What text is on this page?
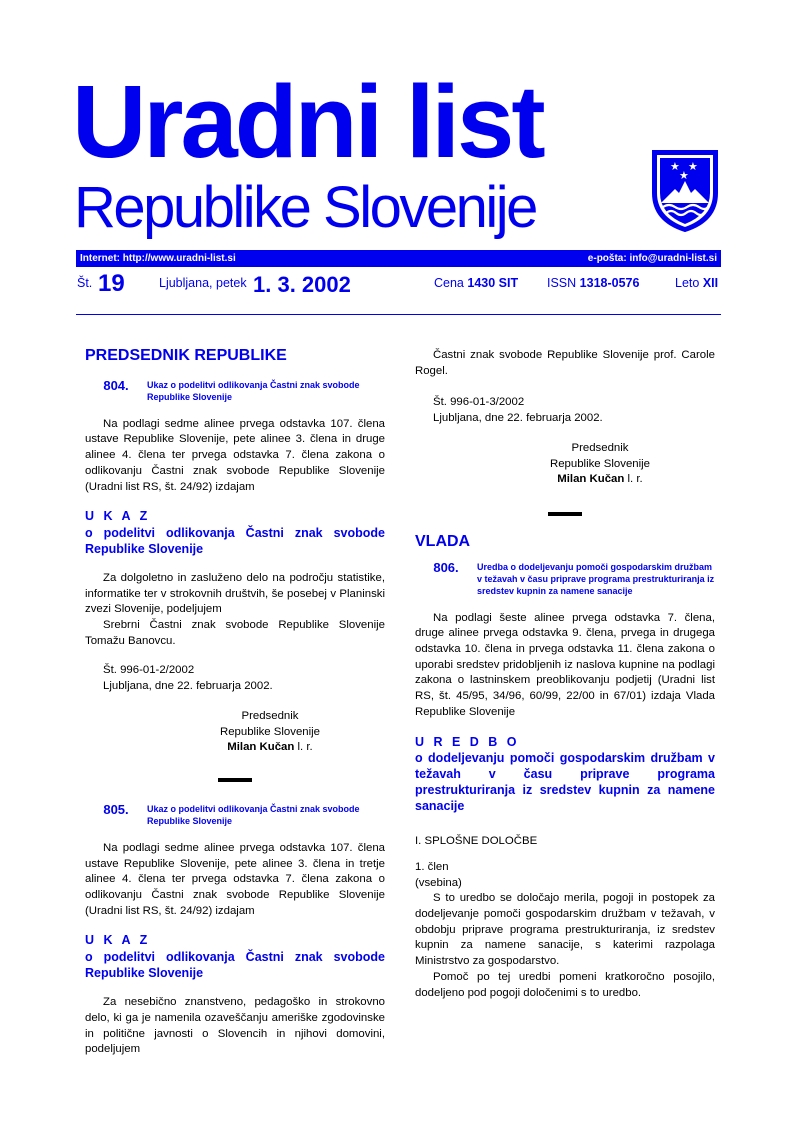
Uradni list
Republike Slovenije
★ ★
★
Internet: http://www.uradni-list.si	e-pošta: info@uradni-list.si
Št. 19	Ljubljana, petek 1. 3. 2002	Cena 1430 SIT ISSN 1318-0576	Leto XII

PREDSEDNIK REPUBLIKE

804.	Ukaz o podelitvi odlikovanja Častni znak svobode Republike Slovenije

Na podlagi sedme alinee prvega odstavka 107. člena ustave Republike Slovenije, pete alinee 3. člena in druge alinee 4. člena ter prvega odstavka 7. člena zakona o odlikovanju Častni znak svobode Republike Slovenije (Uradni list RS, št. 24/92) izdajam

U K A Z

o podelitvi odlikovanja Častni znak svobode Republike Slovenije

Za dolgoletno in zasluženo delo na področju statistike, informatike ter v strokovnih društvih, še posebej v Planinski zvezi Slovenije, podeljujem

Srebrni Častni znak svobode Republike Slovenije Tomažu Banovcu.

Št. 996-01-2/2002

Ljubljana, dne 22. februarja 2002.

Predsednik
Republike Slovenije
Milan Kučan l. r.
805.	Ukaz o podelitvi odlikovanja Častni znak svobode Republike Slovenije

Na podlagi sedme alinee prvega odstavka 107. člena ustave Republike Slovenije, pete alinee 3. člena in tretje alinee 4. člena ter prvega odstavka 7. člena zakona o odlikovanju Častni znak svobode Republike Slovenije (Uradni list RS, št. 24/92) izdajam

U K A Z

o podelitvi odlikovanja Častni znak svobode Republike Slovenije

Za nesebično znanstveno, pedagoško in strokovno delo, ki ga je namenila ozaveščanju ameriške zgodovinske in politične javnosti o Slovencih in njihovi domovini, podeljujem

Častni znak svobode Republike Slovenije prof. Carole Rogel.

Št. 996-01-3/2002

Ljubljana, dne 22. februarja 2002.

Predsednik
Republike Slovenije
Milan Kučan l. r.

VLADA

806.	Uredba o dodeljevanju pomoči gospodarskim družbam v težavah v času priprave programa prestrukturiranja iz sredstev kupnin za namene sanacije

Na podlagi šeste alinee prvega odstavka 7. člena, druge alinee prvega odstavka 9. člena, prvega in drugega odstavka 10. člena in prvega odstavka 11. člena zakona o uporabi sredstev pridobljenih iz naslova kupnine na podlagi zakona o lastninskem preoblikovanju podjetij (Uradni list RS, št. 45/95, 34/96, 60/99, 22/00 in 67/01) izdaja Vlada Republike Slovenije

U R E D B O

o dodeljevanju pomoči gospodarskim družbam v težavah v času priprave programa prestrukturiranja iz sredstev kupnin za namene sanacije

I. SPLOŠNE DOLOČBE

1. člen

(vsebina)

S to uredbo se določajo merila, pogoji in postopek za dodeljevanje pomoči gospodarskim družbam v težavah, v obdobju priprave programa prestrukturiranja, iz sredstev kupnin za namene sanacije, s katerimi razpolaga Ministrstvo za gospodarstvo.

Pomoč po tej uredbi pomeni kratkoročno posojilo, dodeljeno pod pogoji določenimi s to uredbo.
